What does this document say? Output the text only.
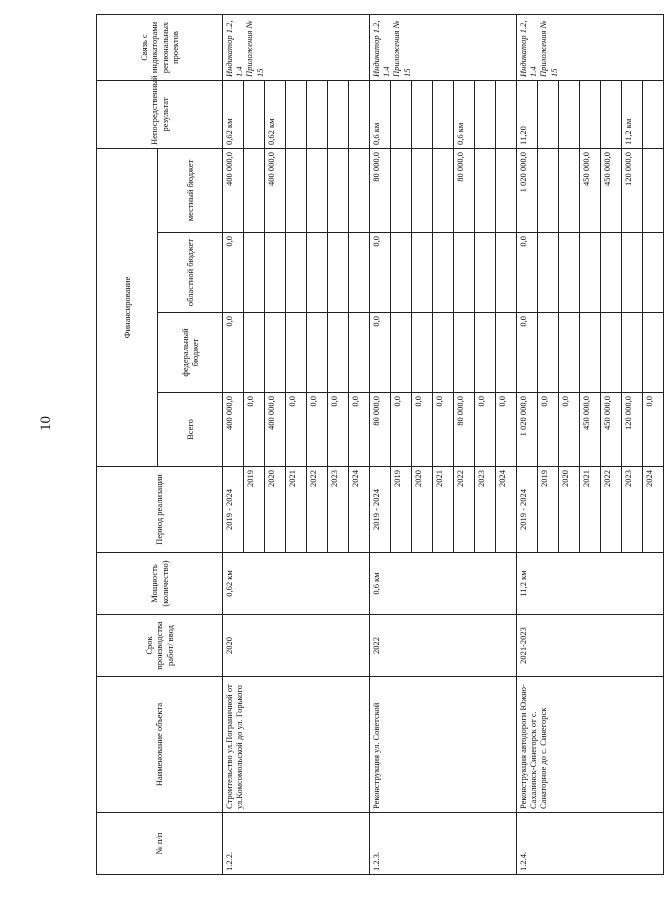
10
№ п/п	Наименование объекта	Срок производства работ/ ввод	Мощность (количество)	Период реализации	Финансирование				Непосредственный результат	Связь с индикаторами региональных проектов
					Всего	федеральный бюджет	областной бюджет	местный бюджет		
1.2.2.	Строительство ул.Пограничной от ул.Комсомольской до ул. Горького	2020	0,62 км	2019 - 2024	400 000,0	0,0	0,0	400 000,0	0,62 км	Индикатор 1.2, 1.4 Приложения № 15
				2019	0,0					
				2020	400 000,0			400 000,0	0,62 км	
				2021	0,0					
				2022	0,0					
				2023	0,0					
				2024	0,0					
1.2.3.	Реконструкция ул. Советской	2022	0,6 км	2019 - 2024	80 000,0	0,0	0,0	80 000,0	0,6 км	Индикатор 1.2, 1.4 Приложения № 15
				2019	0,0					
				2020	0,0					
				2021	0,0					
				2022	80 000,0			80 000,0	0,6 км	
				2023	0,0					
				2024	0,0					
1.2.4.	Реконструкция автодороги Южно-Сахалинск-Синегорск от с. Санаторное до с. Синегорск	2021-2023	11,2 км	2019 - 2024	1 020 000,0	0,0	0,0	1 020 000,0	11,20	Индикатор 1.2, 1.4 Приложения № 15
				2019	0,0					
				2020	0,0					
				2021	450 000,0			450 000,0		
				2022	450 000,0			450 000,0		
				2023	120 000,0			120 000,0	11,2 км	
				2024	0,0					
